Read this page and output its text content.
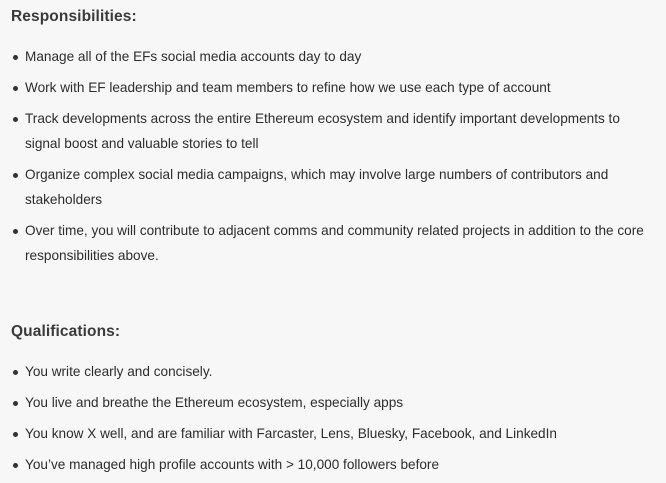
Responsibilities:
Manage all of the EFs social media accounts day to day
Work with EF leadership and team members to refine how we use each type of account
Track developments across the entire Ethereum ecosystem and identify important developments to signal boost and valuable stories to tell
Organize complex social media campaigns, which may involve large numbers of contributors and stakeholders
Over time, you will contribute to adjacent comms and community related projects in addition to the core responsibilities above.
Qualifications:
You write clearly and concisely.
You live and breathe the Ethereum ecosystem, especially apps
You know X well, and are familiar with Farcaster, Lens, Bluesky, Facebook, and LinkedIn
You’ve managed high profile accounts with > 10,000 followers before
